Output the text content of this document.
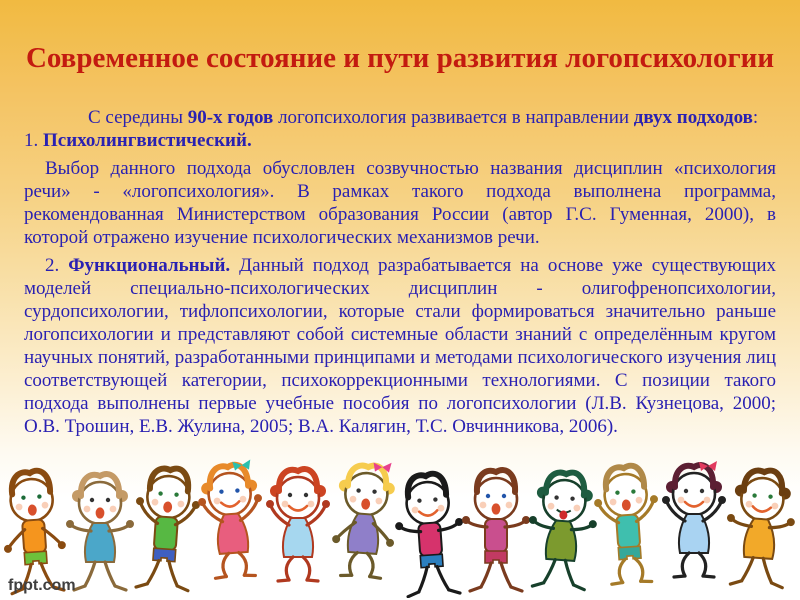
Современное состояние и пути развития логопсихологии

С середины 90-х годов логопсихология развивается в направлении двух подходов:

1. Психолингвистический.

Выбор данного подхода обусловлен созвучностью названия дисциплин «психология речи» - «логопсихология». В рамках такого подхода выполнена программа, рекомендованная Министерством образования России (автор Г.С. Гуменная, 2000), в которой отражено изучение психологических механизмов речи.

2. Функциональный. Данный подход разрабатывается на основе уже существующих моделей специально-психологических дисциплин - олигофренопсихологии, сурдопсихологии, тифлопсихологии, которые стали формироваться значительно раньше логопсихологии и представляют собой системные области знаний с определённым кругом научных понятий, разработанными принципами и методами психологического изучения лиц соответствующей категории, психокоррекционными технологиями. С позиции такого подхода выполнены первые учебные пособия по логопсихологии (Л.В. Кузнецова, 2000; О.В. Трошин, Е.В. Жулина, 2005; В.А. Калягин, Т.С. Овчинникова, 2006).

fppt.com
